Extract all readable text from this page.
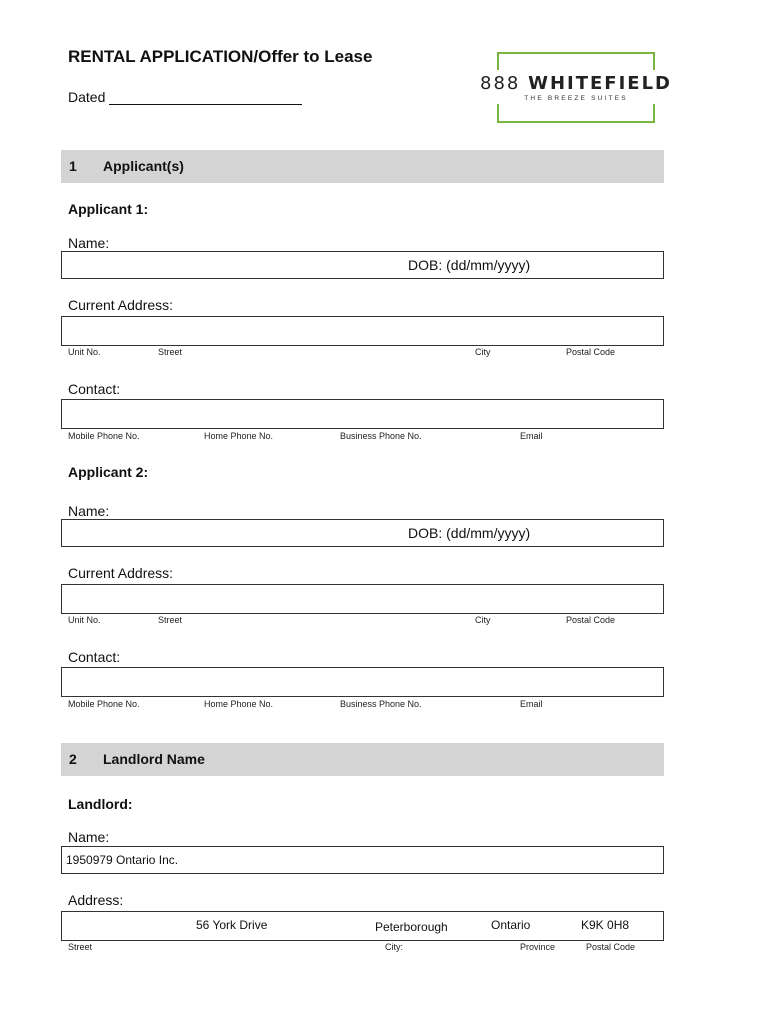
RENTAL APPLICATION/Offer to Lease
Dated
888 WHITEFIELD
THE BREEZE SUITES
1 Applicant(s)
Applicant 1:
Name:
DOB: (dd/mm/yyyy)
Current Address:
Unit No.	Street	City	Postal Code
Contact:
Mobile Phone No.	Home Phone No.	Business Phone No.	Email
Applicant 2:
Name:
DOB: (dd/mm/yyyy)
Current Address:
Unit No.	Street	City	Postal Code
Contact:
Mobile Phone No.	Home Phone No.	Business Phone No.	Email
2 Landlord Name
Landlord:
Name:
1950979 Ontario Inc.
Address:
56 York Drive	Peterborough	Ontario	K9K 0H8
Street	City:	Province	Postal Code
